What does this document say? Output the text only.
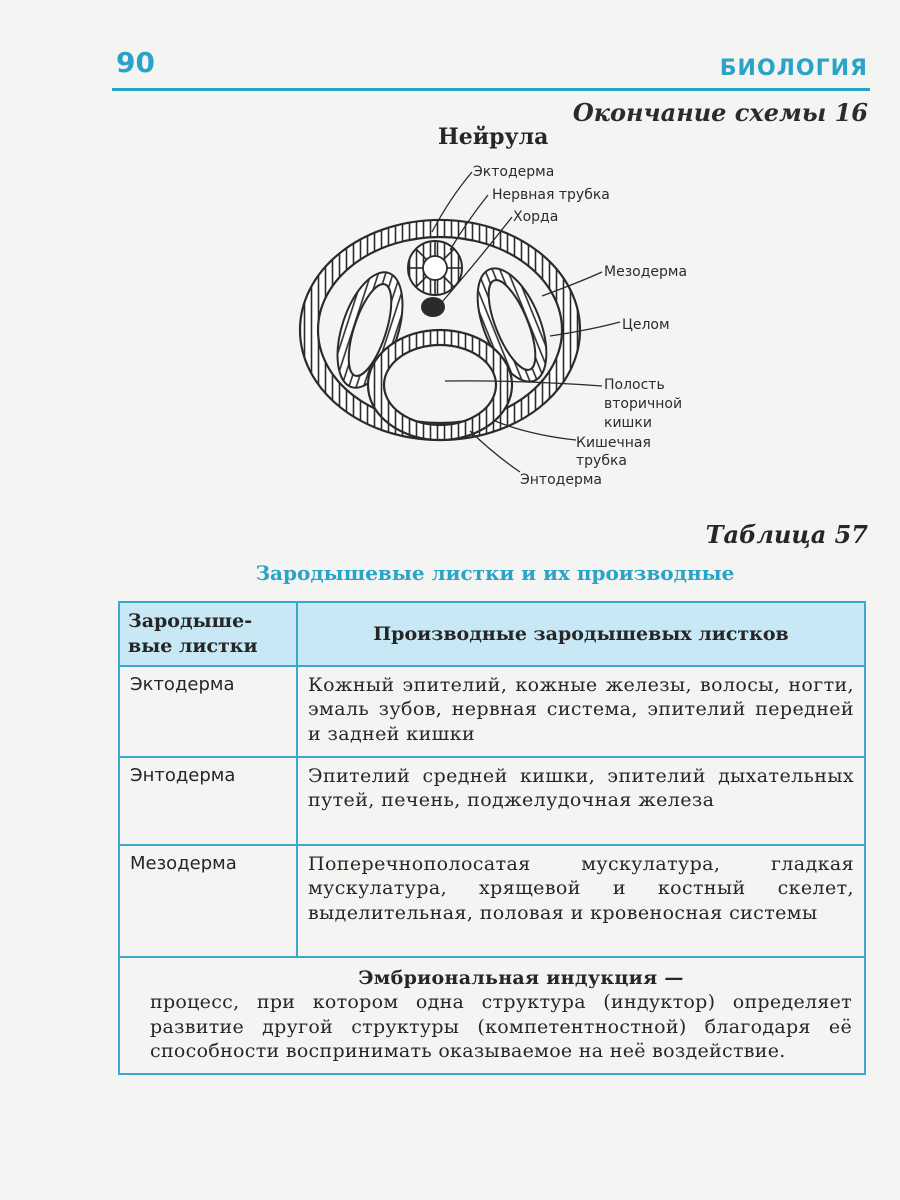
90	БИОЛОГИЯ
Окончание схемы 16
Нейрула
Эктодерма
Нервная трубка
Хорда
Мезодерма
Целом
Полость
вторичной
кишки
Кишечная
трубка
Энтодерма
Таблица 57
Зародышевые листки и их производные
Зародыше-
вые листки	Производные зародышевых листков
Эктодерма	Кожный эпителий, кожные железы, волосы, ногти, эмаль зубов, нервная система, эпителий передней и задней кишки
Энтодерма	Эпителий средней кишки, эпителий дыхательных путей, печень, поджелудочная железа
Мезодерма	Поперечнополосатая мускулатура, гладкая мускулатура, хрящевой и костный скелет, выделительная, половая и кровеносная системы

Эмбриональная индукция —
процесс, при котором одна структура (индуктор) определяет развитие другой структуры (компетентностной) благодаря её способности воспринимать оказываемое на неё воздействие.	
